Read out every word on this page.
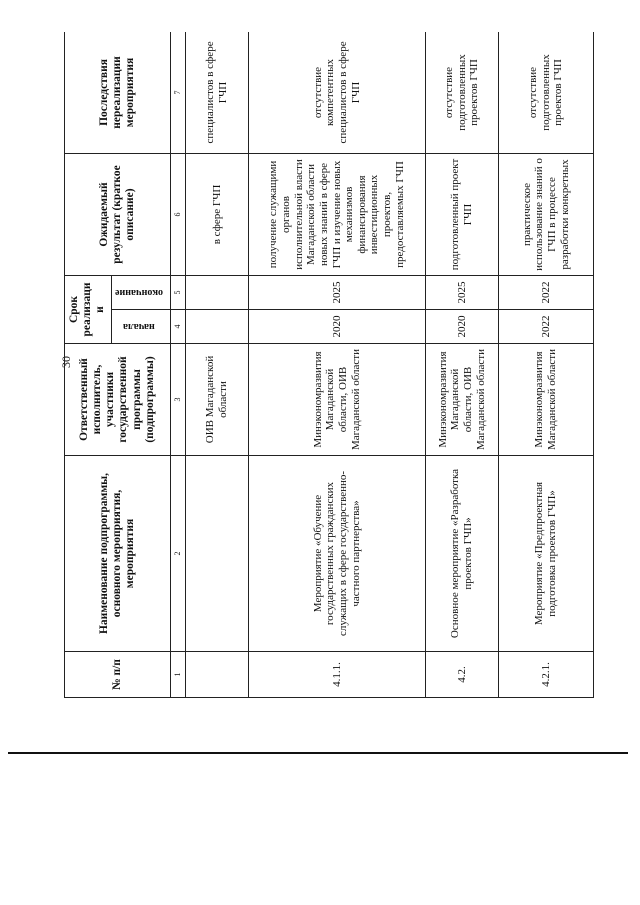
30
№ п/п	Наименование подпрограммы, основного мероприятия, мероприятия	Ответственный исполнитель, участники государственной программы (подпрограммы)	Срок реализации		Ожидаемый результат (краткое описание)	Последствия нереализации мероприятия
			начала	окончание		
1	2	3	4	5	6	7
		ОИВ Магаданской области			в сфере ГЧП	специалистов в сфере ГЧП
4.1.1.	Мероприятие «Обучение государственных гражданских служащих в сфере государственно-частного партнерства»	Минэкономразвития Магаданской области, ОИВ Магаданской области	2020	2025	получение служащими органов исполнительной власти Магаданской области новых знаний в сфере ГЧП и изучение новых механизмов финансирования инвестиционных проектов, предоставляемых ГЧП	отсутствие компетентных специалистов в сфере ГЧП
4.2.	Основное мероприятие «Разработка проектов ГЧП»	Минэкономразвития Магаданской области, ОИВ Магаданской области	2020	2025	подготовленный проект ГЧП	отсутствие подготовленных проектов ГЧП
4.2.1.	Мероприятие «Предпроектная подготовка проектов ГЧП»	Минэкономразвития Магаданской области	2022	2022	практическое использование знаний о ГЧП в процессе разработки конкретных	отсутствие подготовленных проектов ГЧП
